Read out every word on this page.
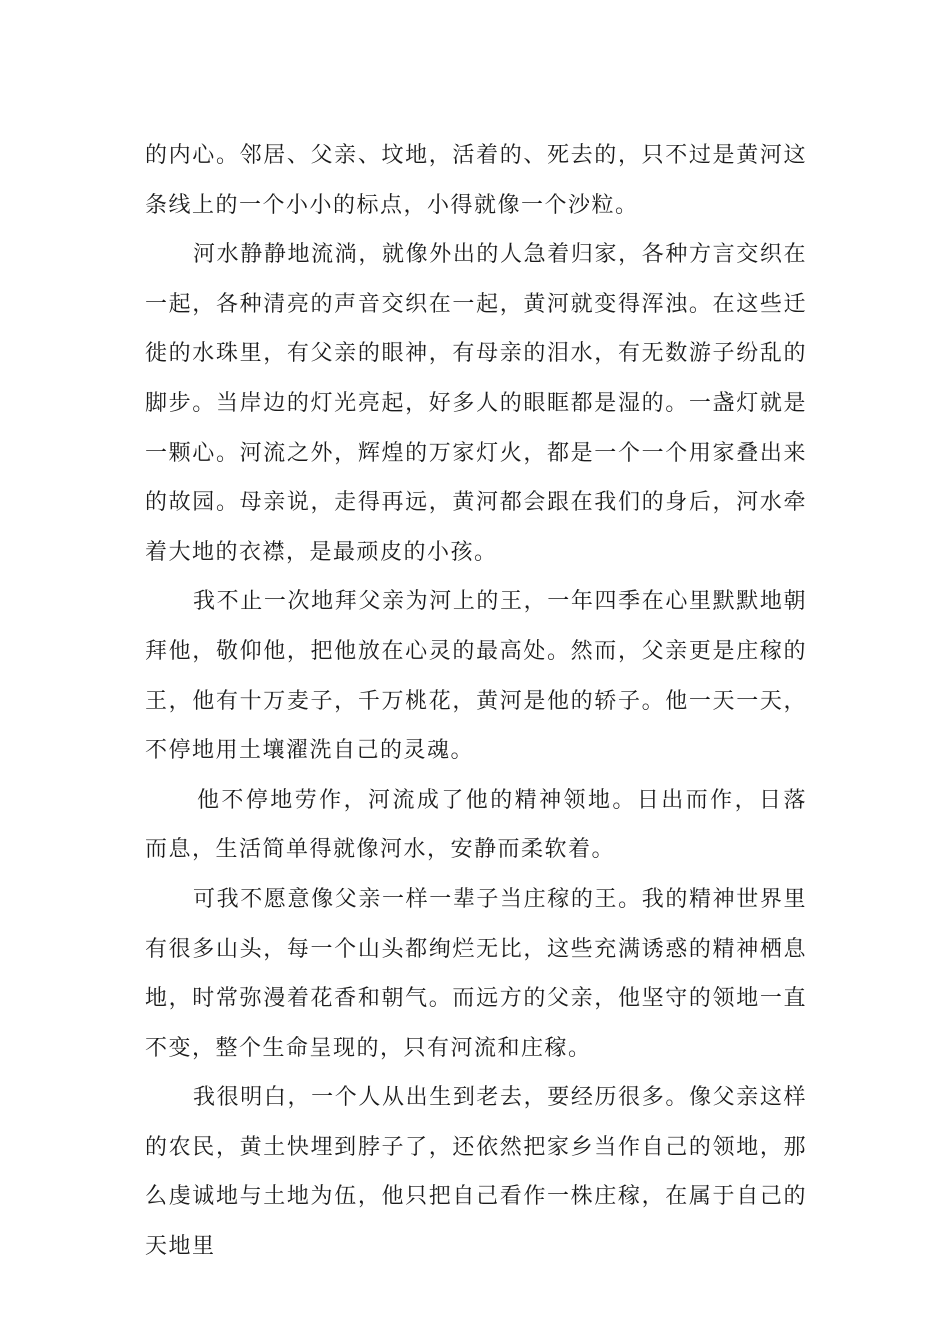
的内心。邻居、父亲、坟地，活着的、死去的，只不过是黄河这条线上的一个小小的标点，小得就像一个沙粒。

河水静静地流淌，就像外出的人急着归家，各种方言交织在一起，各种清亮的声音交织在一起，黄河就变得浑浊。在这些迁徙的水珠里，有父亲的眼神，有母亲的泪水，有无数游子纷乱的脚步。当岸边的灯光亮起，好多人的眼眶都是湿的。一盏灯就是一颗心。河流之外，辉煌的万家灯火，都是一个一个用家叠出来的故园。母亲说，走得再远，黄河都会跟在我们的身后，河水牵着大地的衣襟，是最顽皮的小孩。

我不止一次地拜父亲为河上的王，一年四季在心里默默地朝拜他，敬仰他，把他放在心灵的最高处。然而，父亲更是庄稼的王，他有十万麦子，千万桃花，黄河是他的轿子。他一天一天，不停地用土壤濯洗自己的灵魂。

他不停地劳作，河流成了他的精神领地。日出而作，日落而息，生活简单得就像河水，安静而柔软着。

可我不愿意像父亲一样一辈子当庄稼的王。我的精神世界里有很多山头，每一个山头都绚烂无比，这些充满诱惑的精神栖息地，时常弥漫着花香和朝气。而远方的父亲，他坚守的领地一直不变，整个生命呈现的，只有河流和庄稼。

我很明白，一个人从出生到老去，要经历很多。像父亲这样的农民，黄土快埋到脖子了，还依然把家乡当作自己的领地，那么虔诚地与土地为伍，他只把自己看作一株庄稼，在属于自己的天地里
